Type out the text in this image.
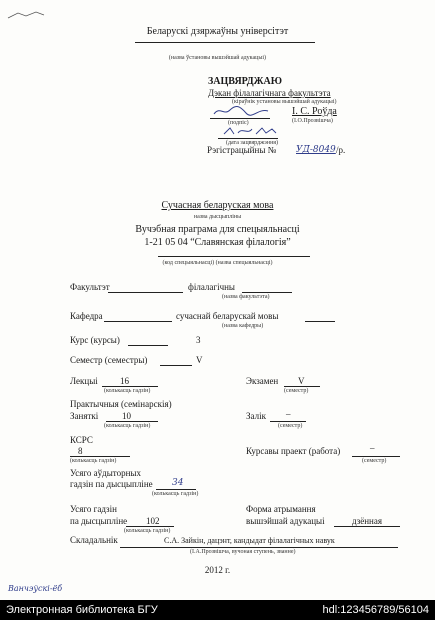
Беларускі дзяржаўны універсітэт
(назва ўстановы вышэйшай адукацыі)
ЗАЦВЯРДЖАЮ
Дэкан філалагічнага факультэта
(кіраўнік установы вышэйшай адукацыі)
І. С. Роўда
(подпіс)	(І.О.Прозвішча)
(дата зацвярджэння)
Рэгістрацыйны № УД-8049 /р.
Сучасная беларуская мова
назва дысцыпліны
Вучэбная праграма для спецыяльнасці
1-21 05 04 “Славянская філалогія”
(код спецыяльнасці) (назва спецыяльнасці)
Факультэт	філалагічны
(назва факультэта)
Кафедра	сучаснай беларускай мовы
(назва кафедры)
Курс (курсы)	3
Семестр (семестры)	V
Лекцыі 16
(колькасць гадзін)
Экзамен V
(семестр)
Практычныя (семінарскія)
Заняткі	10
(колькасць гадзін)
Залік –
(семестр)
КСРС
8
(колькасць гадзін)
Курсавы праект (работа)	–
(семестр)
Усяго аўдыторных
гадзін па дысцыпліне 34
(колькасць гадзін)
Усяго гадзін
па дысцыпліне 102
(колькасць гадзін)
Форма атрымання
вышэйшай адукацыі	дзённая
Складальнік	С.А. Зайкін, дацэнт, кандыдат філалагічных навук
(І.А.Прозвішча, вучоная ступень, званне)
2012 г.
Ванчэўскі-ёб
Электронная библиотека БГУ	hdl:123456789/56104
